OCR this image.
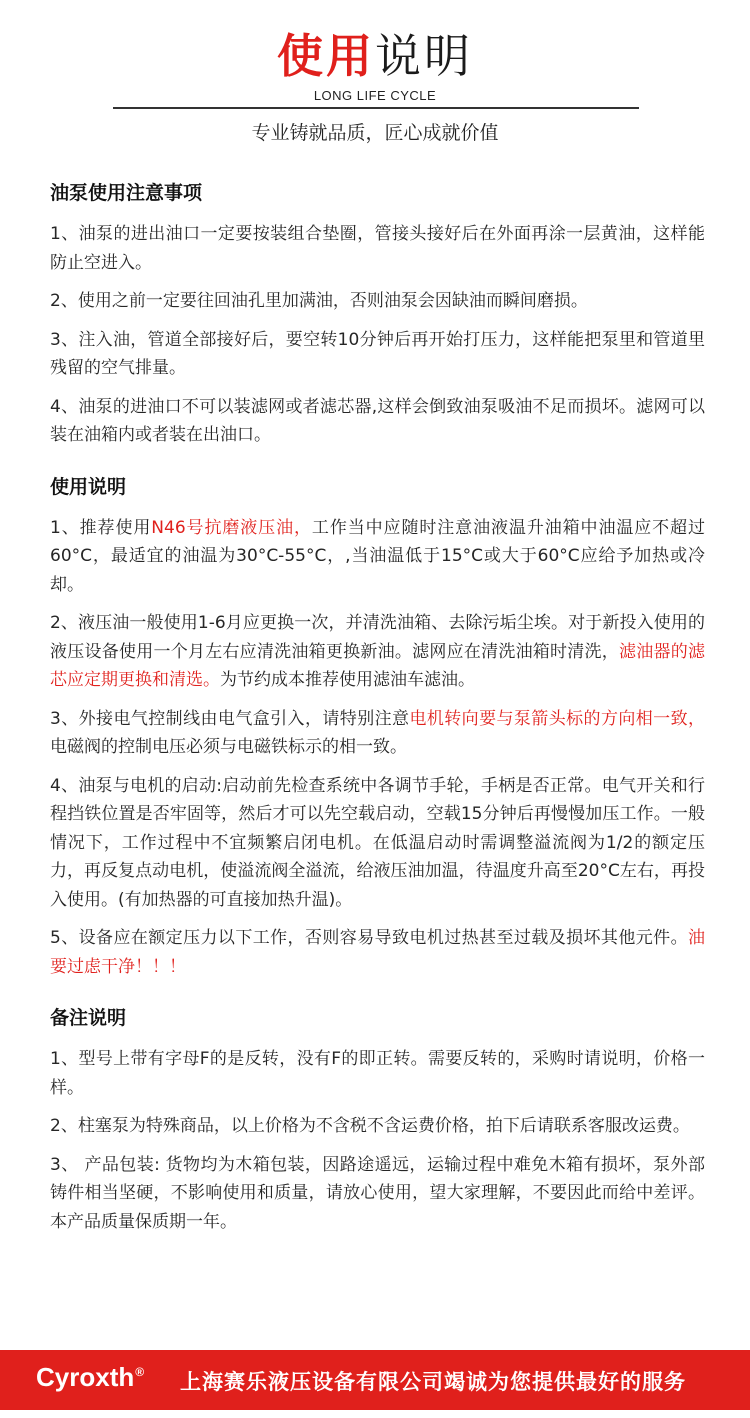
使用说明
LONG LIFE CYCLE
专业铸就品质，匠心成就价值
油泵使用注意事项
1、油泵的进出油口一定要按装组合垫圈，管接头接好后在外面再涂一层黄油，这样能防止空进入。
2、使用之前一定要往回油孔里加满油，否则油泵会因缺油而瞬间磨损。
3、注入油，管道全部接好后，要空转10分钟后再开始打压力，这样能把泵里和管道里残留的空气排量。
4、油泵的进油口不可以装滤网或者滤芯器,这样会倒致油泵吸油不足而损坏。滤网可以装在油箱内或者装在出油口。
使用说明
1、推荐使用N46号抗磨液压油，工作当中应随时注意油液温升油箱中油温应不超过60°C，最适宜的油温为30°C-55°C，,当油温低于15°C或大于60°C应给予加热或冷却。
2、液压油一般使用1-6月应更换一次，并清洗油箱、去除污垢尘埃。对于新投入使用的液压设备使用一个月左右应清洗油箱更换新油。滤网应在清洗油箱时清洗，滤油器的滤芯应定期更换和清选。为节约成本推荐使用滤油车滤油。
3、外接电气控制线由电气盒引入，请特别注意电机转向要与泵箭头标的方向相一致，电磁阀的控制电压必须与电磁铁标示的相一致。
4、油泵与电机的启动:启动前先检查系统中各调节手轮，手柄是否正常。电气开关和行程挡铁位置是否牢固等，然后才可以先空载启动，空载15分钟后再慢慢加压工作。一般情况下，工作过程中不宜频繁启闭电机。在低温启动时需调整溢流阀为1/2的额定压力，再反复点动电机，使溢流阀全溢流，给液压油加温，待温度升高至20°C左右，再投入使用。(有加热器的可直接加热升温)。
5、设备应在额定压力以下工作，否则容易导致电机过热甚至过载及损坏其他元件。油要过虑干净！！！
备注说明
1、型号上带有字母F的是反转，没有F的即正转。需要反转的，采购时请说明，价格一样。
2、柱塞泵为特殊商品，以上价格为不含税不含运费价格，拍下后请联系客服改运费。
3、 产品包装: 货物均为木箱包装，因路途遥远，运输过程中难免木箱有损坏，泵外部铸件相当坚硬，不影响使用和质量，请放心使用，望大家理解，不要因此而给中差评。本产品质量保质期一年。
Cyroxth® 上海赛乐液压设备有限公司竭诚为您提供最好的服务
